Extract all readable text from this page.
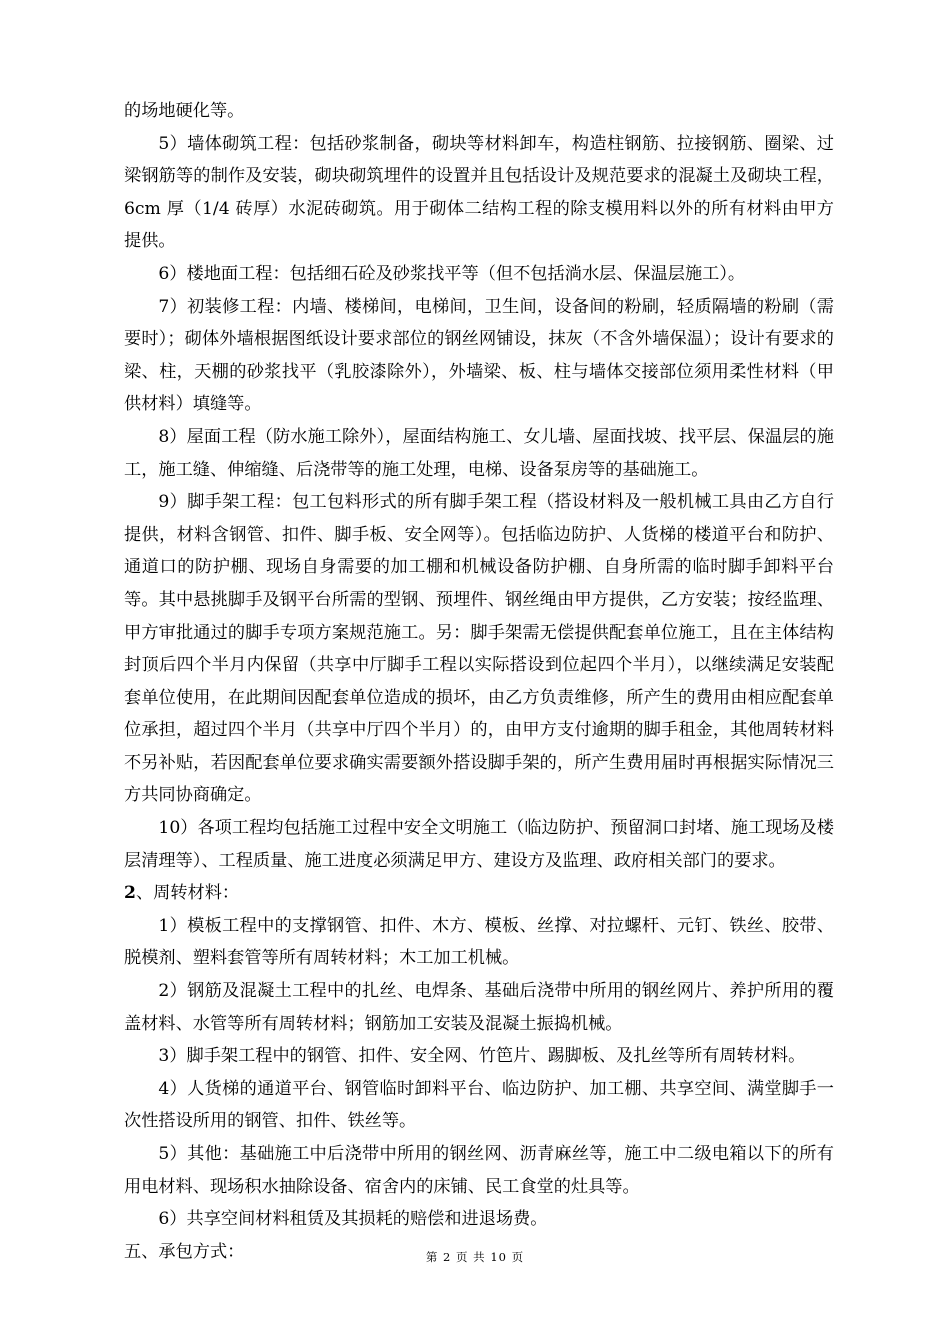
的场地硬化等。

5）墙体砌筑工程：包括砂浆制备，砌块等材料卸车，构造柱钢筋、拉接钢筋、圈梁、过梁钢筋等的制作及安装，砌块砌筑埋件的设置并且包括设计及规范要求的混凝土及砌块工程，6cm 厚（1/4 砖厚）水泥砖砌筑。用于砌体二结构工程的除支模用料以外的所有材料由甲方提供。

6）楼地面工程：包括细石砼及砂浆找平等（但不包括淌水层、保温层施工）。

7）初装修工程：内墙、楼梯间，电梯间，卫生间，设备间的粉刷，轻质隔墙的粉刷（需要时）；砌体外墙根据图纸设计要求部位的钢丝网铺设，抹灰（不含外墙保温）；设计有要求的梁、柱，天棚的砂浆找平（乳胶漆除外），外墙梁、板、柱与墙体交接部位须用柔性材料（甲供材料）填缝等。

8）屋面工程（防水施工除外），屋面结构施工、女儿墙、屋面找坡、找平层、保温层的施工，施工缝、伸缩缝、后浇带等的施工处理，电梯、设备泵房等的基础施工。

9）脚手架工程：包工包料形式的所有脚手架工程（搭设材料及一般机械工具由乙方自行提供，材料含钢管、扣件、脚手板、安全网等）。包括临边防护、人货梯的楼道平台和防护、通道口的防护棚、现场自身需要的加工棚和机械设备防护棚、自身所需的临时脚手卸料平台等。其中悬挑脚手及钢平台所需的型钢、预埋件、钢丝绳由甲方提供，乙方安装；按经监理、甲方审批通过的脚手专项方案规范施工。另：脚手架需无偿提供配套单位施工，且在主体结构封顶后四个半月内保留（共享中厅脚手工程以实际搭设到位起四个半月），以继续满足安装配套单位使用，在此期间因配套单位造成的损坏，由乙方负责维修，所产生的费用由相应配套单位承担，超过四个半月（共享中厅四个半月）的，由甲方支付逾期的脚手租金，其他周转材料不另补贴，若因配套单位要求确实需要额外搭设脚手架的，所产生费用届时再根据实际情况三方共同协商确定。

10）各项工程均包括施工过程中安全文明施工（临边防护、预留洞口封堵、施工现场及楼层清理等）、工程质量、施工进度必须满足甲方、建设方及监理、政府相关部门的要求。

2、周转材料：

1）模板工程中的支撑钢管、扣件、木方、模板、丝撑、对拉螺杆、元钉、铁丝、胶带、脱模剂、塑料套管等所有周转材料；木工加工机械。

2）钢筋及混凝土工程中的扎丝、电焊条、基础后浇带中所用的钢丝网片、养护所用的覆盖材料、水管等所有周转材料；钢筋加工安装及混凝土振捣机械。

3）脚手架工程中的钢管、扣件、安全网、竹笆片、踢脚板、及扎丝等所有周转材料。

4）人货梯的通道平台、钢管临时卸料平台、临边防护、加工棚、共享空间、满堂脚手一次性搭设所用的钢管、扣件、铁丝等。

5）其他：基础施工中后浇带中所用的钢丝网、沥青麻丝等，施工中二级电箱以下的所有用电材料、现场积水抽除设备、宿舍内的床铺、民工食堂的灶具等。

6）共享空间材料租赁及其损耗的赔偿和进退场费。

五、承包方式：	第 2 页 共 10 页
